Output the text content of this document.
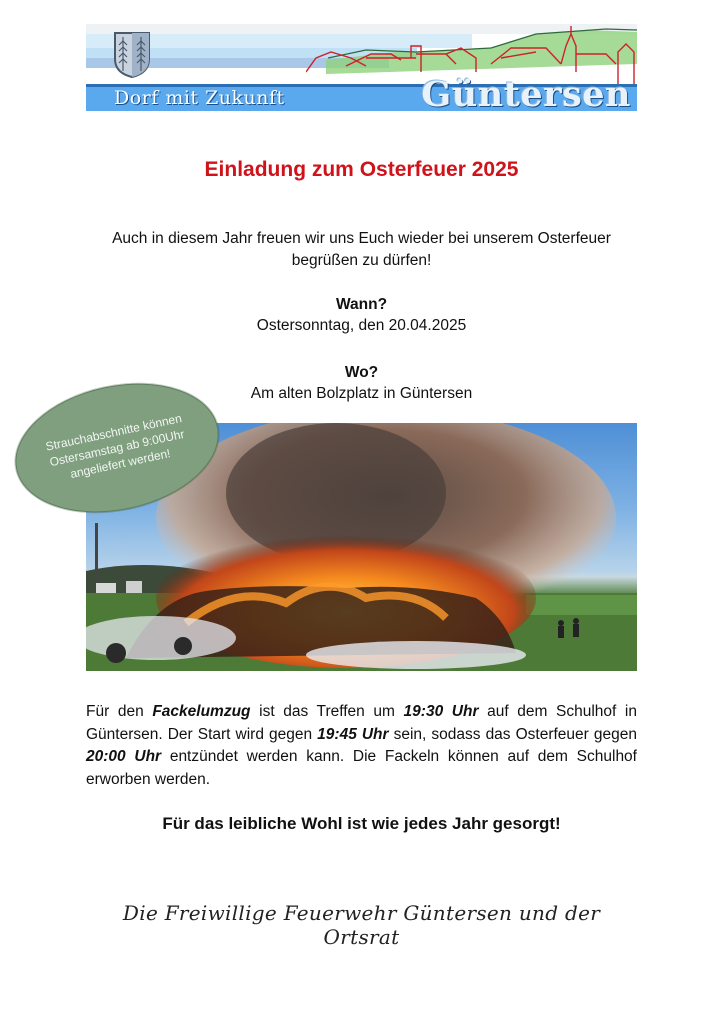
Dorf mit Zukunft	Güntersen
Einladung zum Osterfeuer 2025
Auch in diesem Jahr freuen wir uns Euch wieder bei unserem Osterfeuer begrüßen zu dürfen!
Wann?
Ostersonntag, den 20.04.2025
Wo?
Am alten Bolzplatz in Güntersen
Strauchabschnitte können Ostersamstag ab 9:00Uhr angeliefert werden!
Für den Fackelumzug ist das Treffen um 19:30 Uhr auf dem Schulhof in Güntersen. Der Start wird gegen 19:45 Uhr sein, sodass das Osterfeuer gegen 20:00 Uhr entzündet werden kann. Die Fackeln können auf dem Schulhof erworben werden.
Für das leibliche Wohl ist wie jedes Jahr gesorgt!
Die Freiwillige Feuerwehr Güntersen und der Ortsrat
